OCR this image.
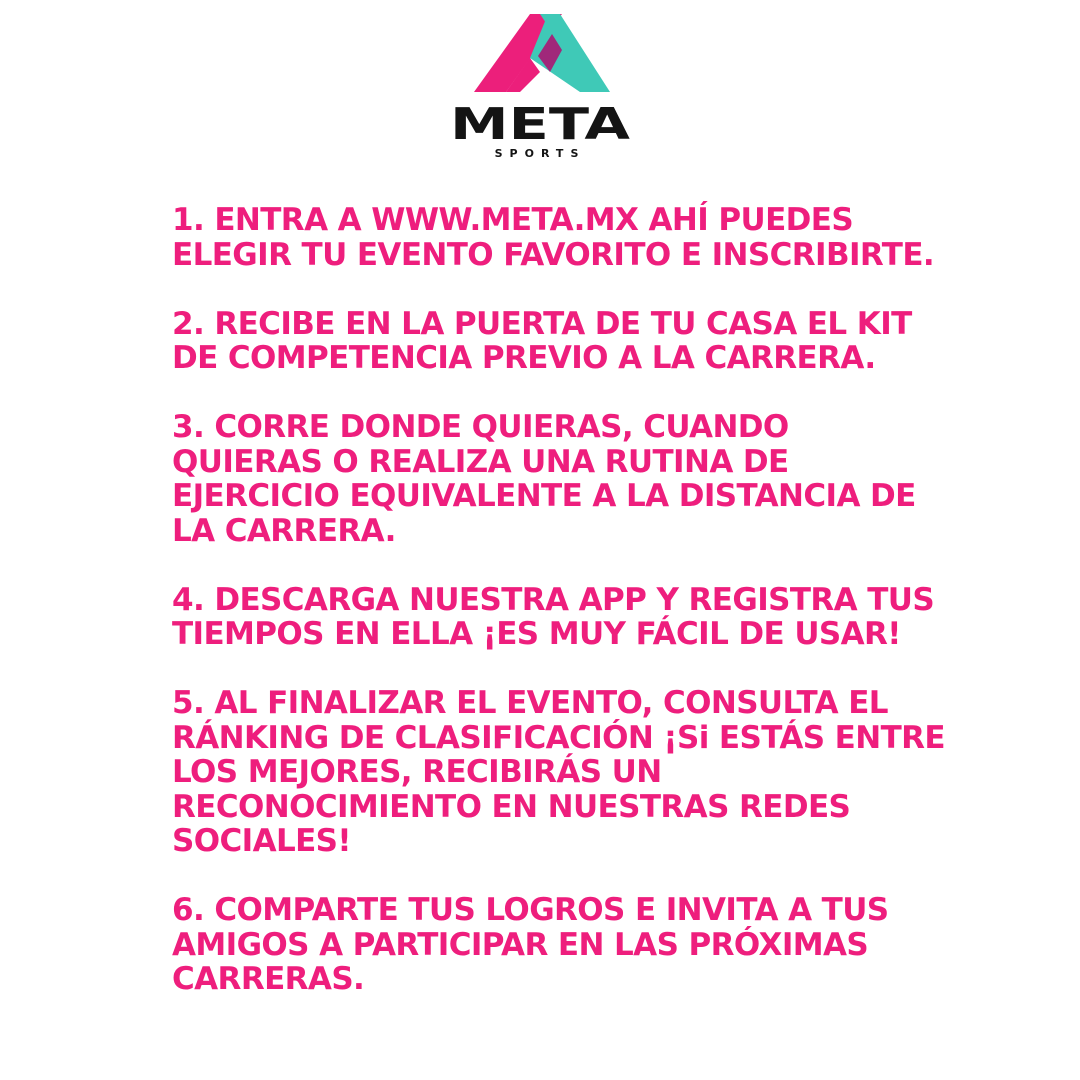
META
SPORTS
1. ENTRA A WWW.META.MX AHÍ PUEDES
ELEGIR TU EVENTO FAVORITO E INSCRIBIRTE.
2. RECIBE EN LA PUERTA DE TU CASA EL KIT
DE COMPETENCIA PREVIO A LA CARRERA.
3. CORRE DONDE QUIERAS, CUANDO
QUIERAS O REALIZA UNA RUTINA DE
EJERCICIO EQUIVALENTE A LA DISTANCIA DE
LA CARRERA.
4. DESCARGA NUESTRA APP Y REGISTRA TUS
TIEMPOS EN ELLA ¡ES MUY FÁCIL DE USAR!
5. AL FINALIZAR EL EVENTO, CONSULTA EL
RÁNKING DE CLASIFICACIÓN ¡Si ESTÁS ENTRE
LOS MEJORES, RECIBIRÁS UN
RECONOCIMIENTO EN NUESTRAS REDES
SOCIALES!
6. COMPARTE TUS LOGROS E INVITA A TUS
AMIGOS A PARTICIPAR EN LAS PRÓXIMAS
CARRERAS.
